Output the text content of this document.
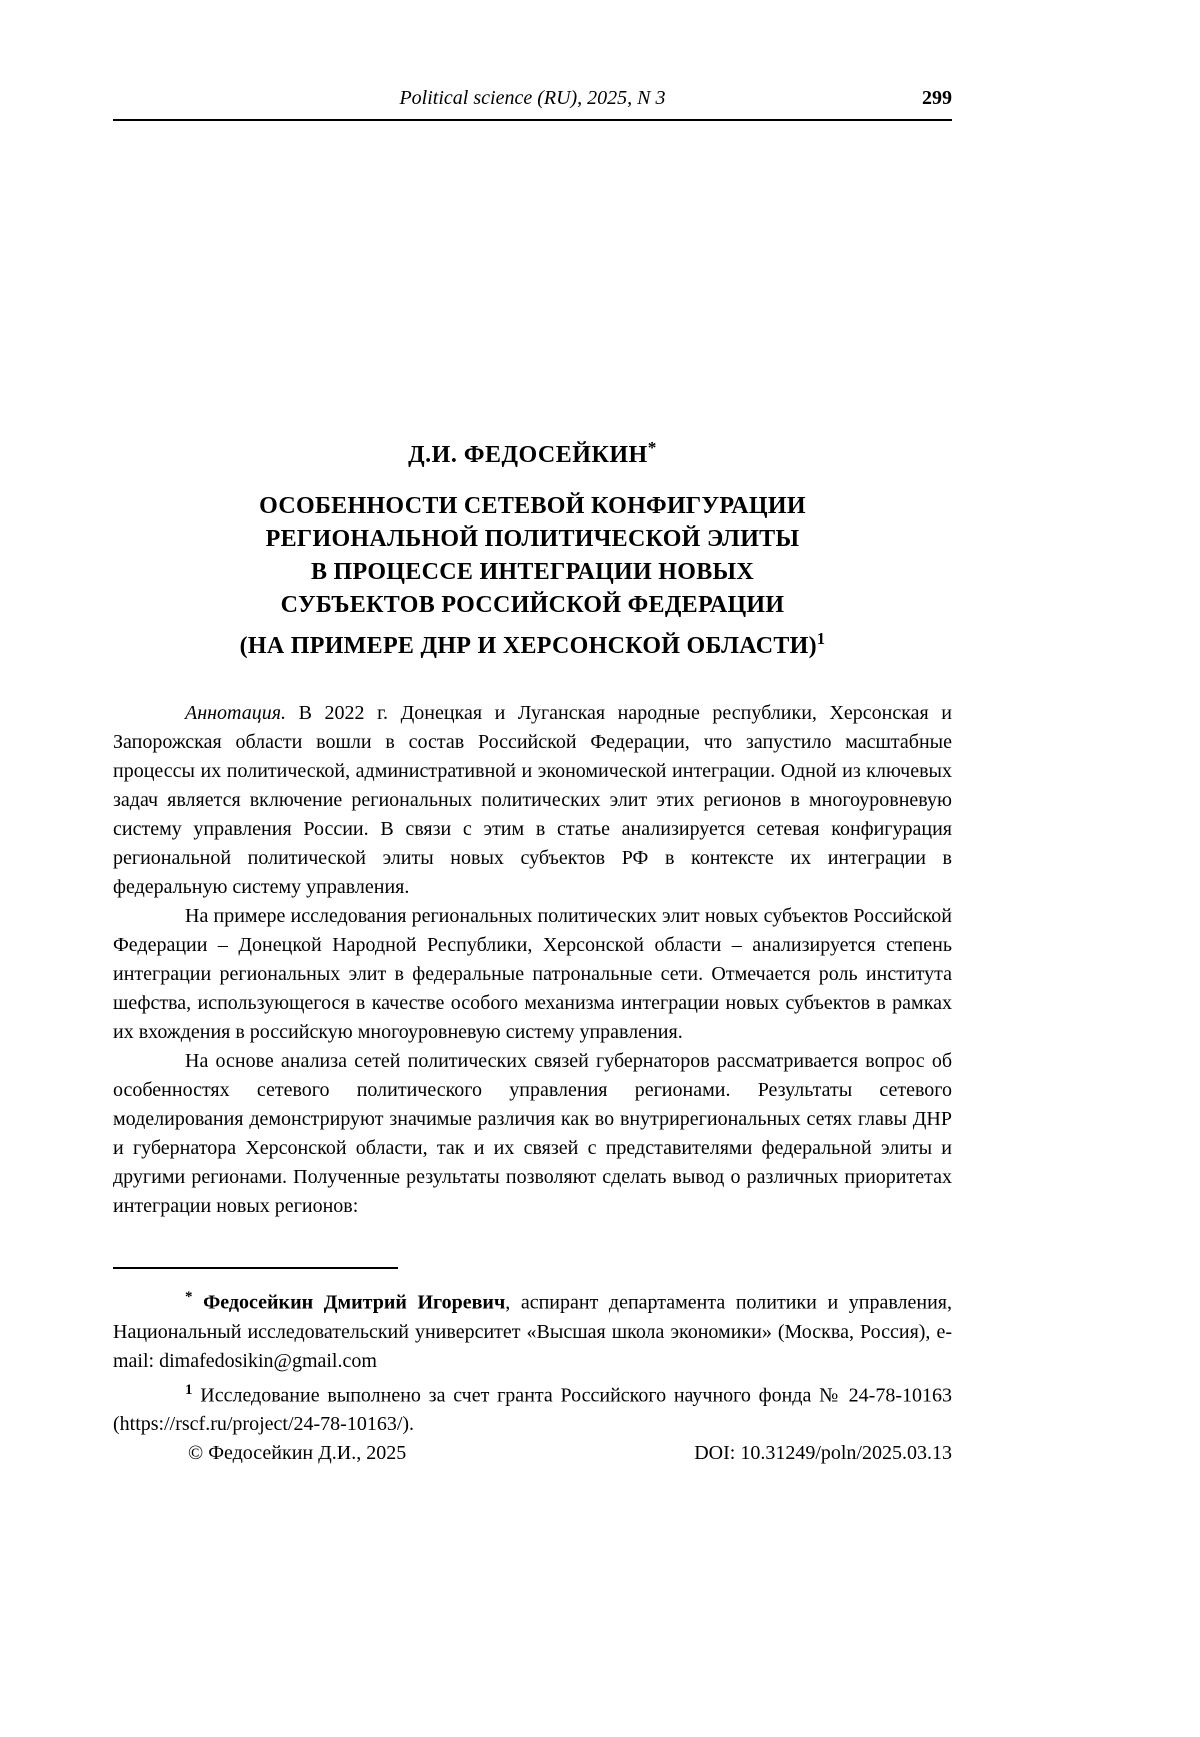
Political science (RU), 2025, N 3	299
Д.И. ФЕДОСЕЙКИН*
ОСОБЕННОСТИ СЕТЕВОЙ КОНФИГУРАЦИИ
РЕГИОНАЛЬНОЙ ПОЛИТИЧЕСКОЙ ЭЛИТЫ
В ПРОЦЕССЕ ИНТЕГРАЦИИ НОВЫХ
СУБЪЕКТОВ РОССИЙСКОЙ ФЕДЕРАЦИИ
(НА ПРИМЕРЕ ДНР И ХЕРСОНСКОЙ ОБЛАСТИ)$^1$

Аннотация. В 2022 г. Донецкая и Луганская народные республики, Херсонская и Запорожская области вошли в состав Российской Федерации, что запустило масштабные процессы их политической, административной и экономической интеграции. Одной из ключевых задач является включение региональных политических элит этих регионов в многоуровневую систему управления России. В связи с этим в статье анализируется сетевая конфигурация региональной политической элиты новых субъектов РФ в контексте их интеграции в федеральную систему управления.

На примере исследования региональных политических элит новых субъектов Российской Федерации – Донецкой Народной Республики, Херсонской области – анализируется степень интеграции региональных элит в федеральные патрональные сети. Отмечается роль института шефства, использующегося в качестве особого механизма интеграции новых субъектов в рамках их вхождения в российскую многоуровневую систему управления.

На основе анализа сетей политических связей губернаторов рассматривается вопрос об особенностях сетевого политического управления регионами. Результаты сетевого моделирования демонстрируют значимые различия как во внутрирегиональных сетях главы ДНР и губернатора Херсонской области, так и их связей с представителями федеральной элиты и другими регионами. Полученные результаты позволяют сделать вывод о различных приоритетах интеграции новых регионов:

* Федосейкин Дмитрий Игоревич, аспирант департамента политики и управления, Национальный исследовательский университет «Высшая школа экономики» (Москва, Россия), e-mail: dimafedosikin@gmail.com

$^1$ Исследование выполнено за счет гранта Российского научного фонда № 24-78-10163 (https://rscf.ru/project/24-78-10163/).

© Федосейкин Д.И., 2025	DOI: 10.31249/poln/2025.03.13
